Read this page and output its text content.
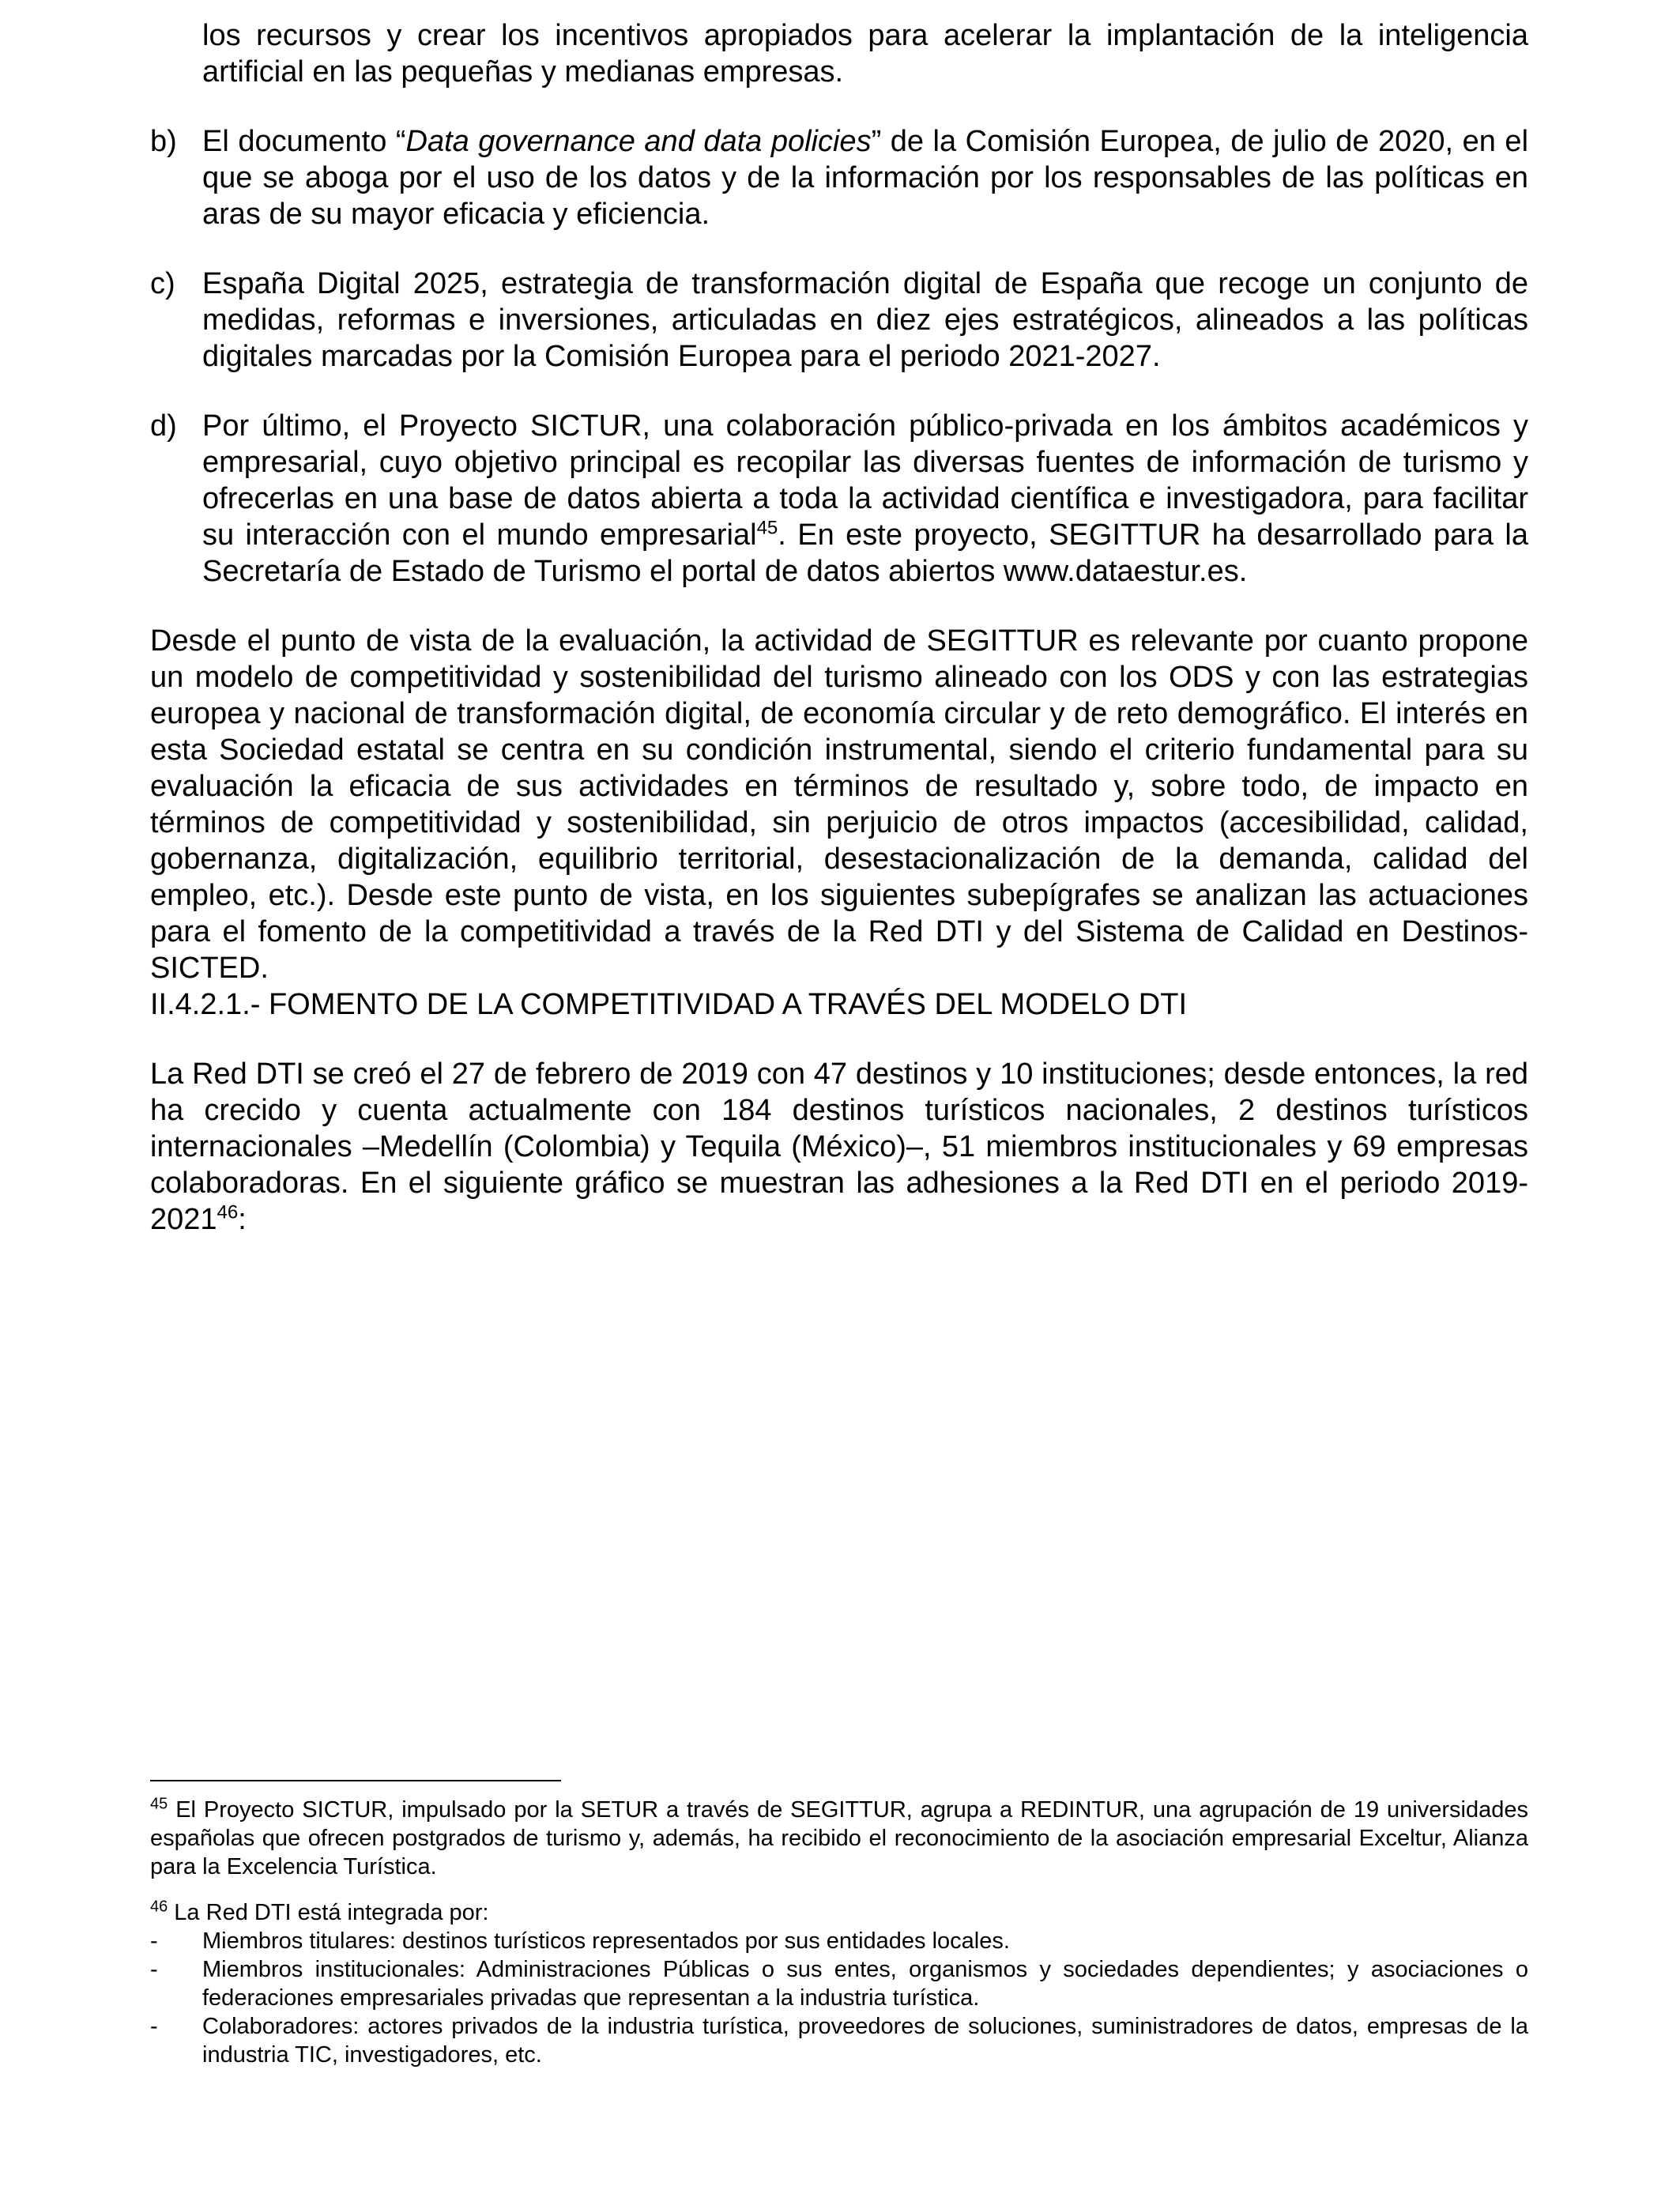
los recursos y crear los incentivos apropiados para acelerar la implantación de la inteligencia artificial en las pequeñas y medianas empresas.

b) El documento “Data governance and data policies” de la Comisión Europea, de julio de 2020, en el que se aboga por el uso de los datos y de la información por los responsables de las políticas en aras de su mayor eficacia y eficiencia.

c) España Digital 2025, estrategia de transformación digital de España que recoge un conjunto de medidas, reformas e inversiones, articuladas en diez ejes estratégicos, alineados a las políticas digitales marcadas por la Comisión Europea para el periodo 2021-2027.

d) Por último, el Proyecto SICTUR, una colaboración público-privada en los ámbitos académicos y empresarial, cuyo objetivo principal es recopilar las diversas fuentes de información de turismo y ofrecerlas en una base de datos abierta a toda la actividad científica e investigadora, para facilitar su interacción con el mundo empresarial$^{45}$. En este proyecto, SEGITTUR ha desarrollado para la Secretaría de Estado de Turismo el portal de datos abiertos www.dataestur.es.

Desde el punto de vista de la evaluación, la actividad de SEGITTUR es relevante por cuanto propone un modelo de competitividad y sostenibilidad del turismo alineado con los ODS y con las estrategias europea y nacional de transformación digital, de economía circular y de reto demográfico. El interés en esta Sociedad estatal se centra en su condición instrumental, siendo el criterio fundamental para su evaluación la eficacia de sus actividades en términos de resultado y, sobre todo, de impacto en términos de competitividad y sostenibilidad, sin perjuicio de otros impactos (accesibilidad, calidad, gobernanza, digitalización, equilibrio territorial, desestacionalización de la demanda, calidad del empleo, etc.). Desde este punto de vista, en los siguientes subepígrafes se analizan las actuaciones para el fomento de la competitividad a través de la Red DTI y del Sistema de Calidad en Destinos-SICTED.

II.4.2.1.- FOMENTO DE LA COMPETITIVIDAD A TRAVÉS DEL MODELO DTI

La Red DTI se creó el 27 de febrero de 2019 con 47 destinos y 10 instituciones; desde entonces, la red ha crecido y cuenta actualmente con 184 destinos turísticos nacionales, 2 destinos turísticos internacionales –Medellín (Colombia) y Tequila (México)–, 51 miembros institucionales y 69 empresas colaboradoras. En el siguiente gráfico se muestran las adhesiones a la Red DTI en el periodo 2019-2021$^{46}$:

$^{45}$ El Proyecto SICTUR, impulsado por la SETUR a través de SEGITTUR, agrupa a REDINTUR, una agrupación de 19 universidades españolas que ofrecen postgrados de turismo y, además, ha recibido el reconocimiento de la asociación empresarial Exceltur, Alianza para la Excelencia Turística.

$^{46}$ La Red DTI está integrada por:

- Miembros titulares: destinos turísticos representados por sus entidades locales.

- Miembros institucionales: Administraciones Públicas o sus entes, organismos y sociedades dependientes; y asociaciones o federaciones empresariales privadas que representan a la industria turística.

- Colaboradores: actores privados de la industria turística, proveedores de soluciones, suministradores de datos, empresas de la industria TIC, investigadores, etc.
